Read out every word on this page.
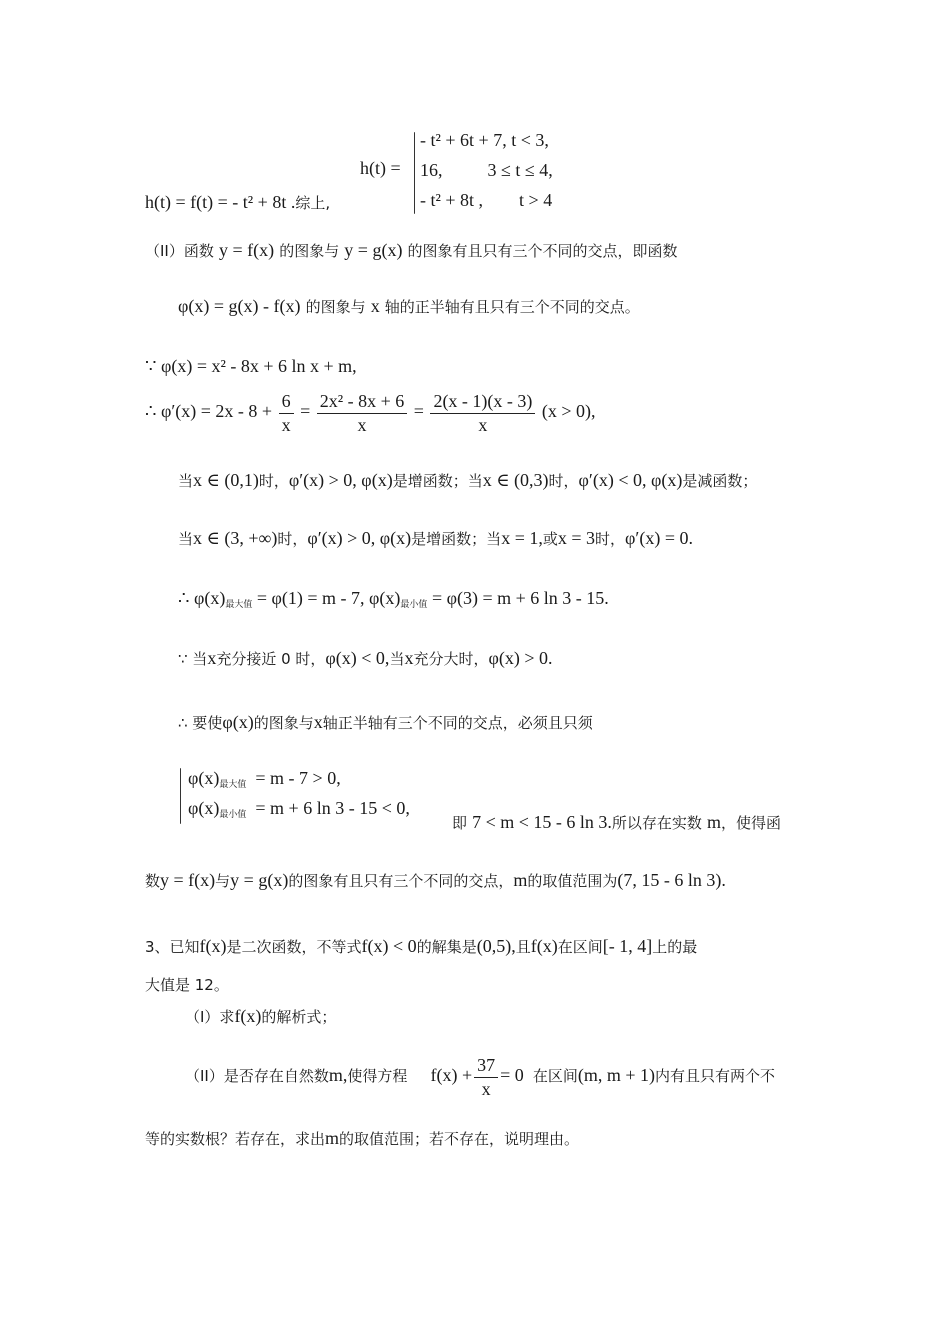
h(t) =
- t² + 6t + 7, t < 3,
16,          3 ≤ t ≤ 4,
- t² + 8t ,        t > 4
h(t) = f(t) = - t² + 8t .综上,
（II）函数 y = f(x) 的图象与 y = g(x) 的图象有且只有三个不同的交点，即函数
φ(x) = g(x) - f(x) 的图象与 x 轴的正半轴有且只有三个不同的交点。
∵ φ(x) = x² - 8x + 6 ln x + m,
∴ $\varphi'(x) = 2x - 8 + \frac{6}{x} = \frac{\text{2x² - 8x + 6}}{x} = \frac{2(x - 1)(x - 3)}{x} (x > 0)$,
当x ∈ (0,1)时，φ′(x) > 0, φ(x)是增函数；当x ∈ (0,3)时，φ′(x) < 0, φ(x)是减函数；
当x ∈ (3, +∞)时，φ′(x) > 0, φ(x)是增函数；当x = 1,或x = 3时，φ′(x) = 0.
∴ $\varphi(x)_{最大值} = \varphi(1) = m - 7$, $\varphi(x)_{最小值} = \varphi(3) = m + 6$ ln 3 - 15.
∵ 当x充分接近 0 时，φ(x) < 0,当x充分大时，φ(x) > 0.
∴ 要使φ(x)的图象与x轴正半轴有三个不同的交点，必须且只须
$\varphi(x)_{最大值} = m - 7 > 0$,
$\varphi(x)_{最小值} = m + 6$ ln 3 - 15 < 0,
即 7 < m < 15 - 6 ln 3.所以存在实数 m，使得函
数y = f(x)与y = g(x)的图象有且只有三个不同的交点，m的取值范围为(7, 15 - 6 ln 3).
3、已知f(x)是二次函数，不等式f(x) < 0的解集是(0,5),且f(x)在区间[- 1, 4]上的最
大值是 12。
（I）求f(x)的解析式；
（II）是否存在自然数m,使得方程 $f(x) + \frac{37}{x} = 0$ 在区间(m, m + 1)内有且只有两个不
等的实数根？若存在，求出m的取值范围；若不存在，说明理由。
